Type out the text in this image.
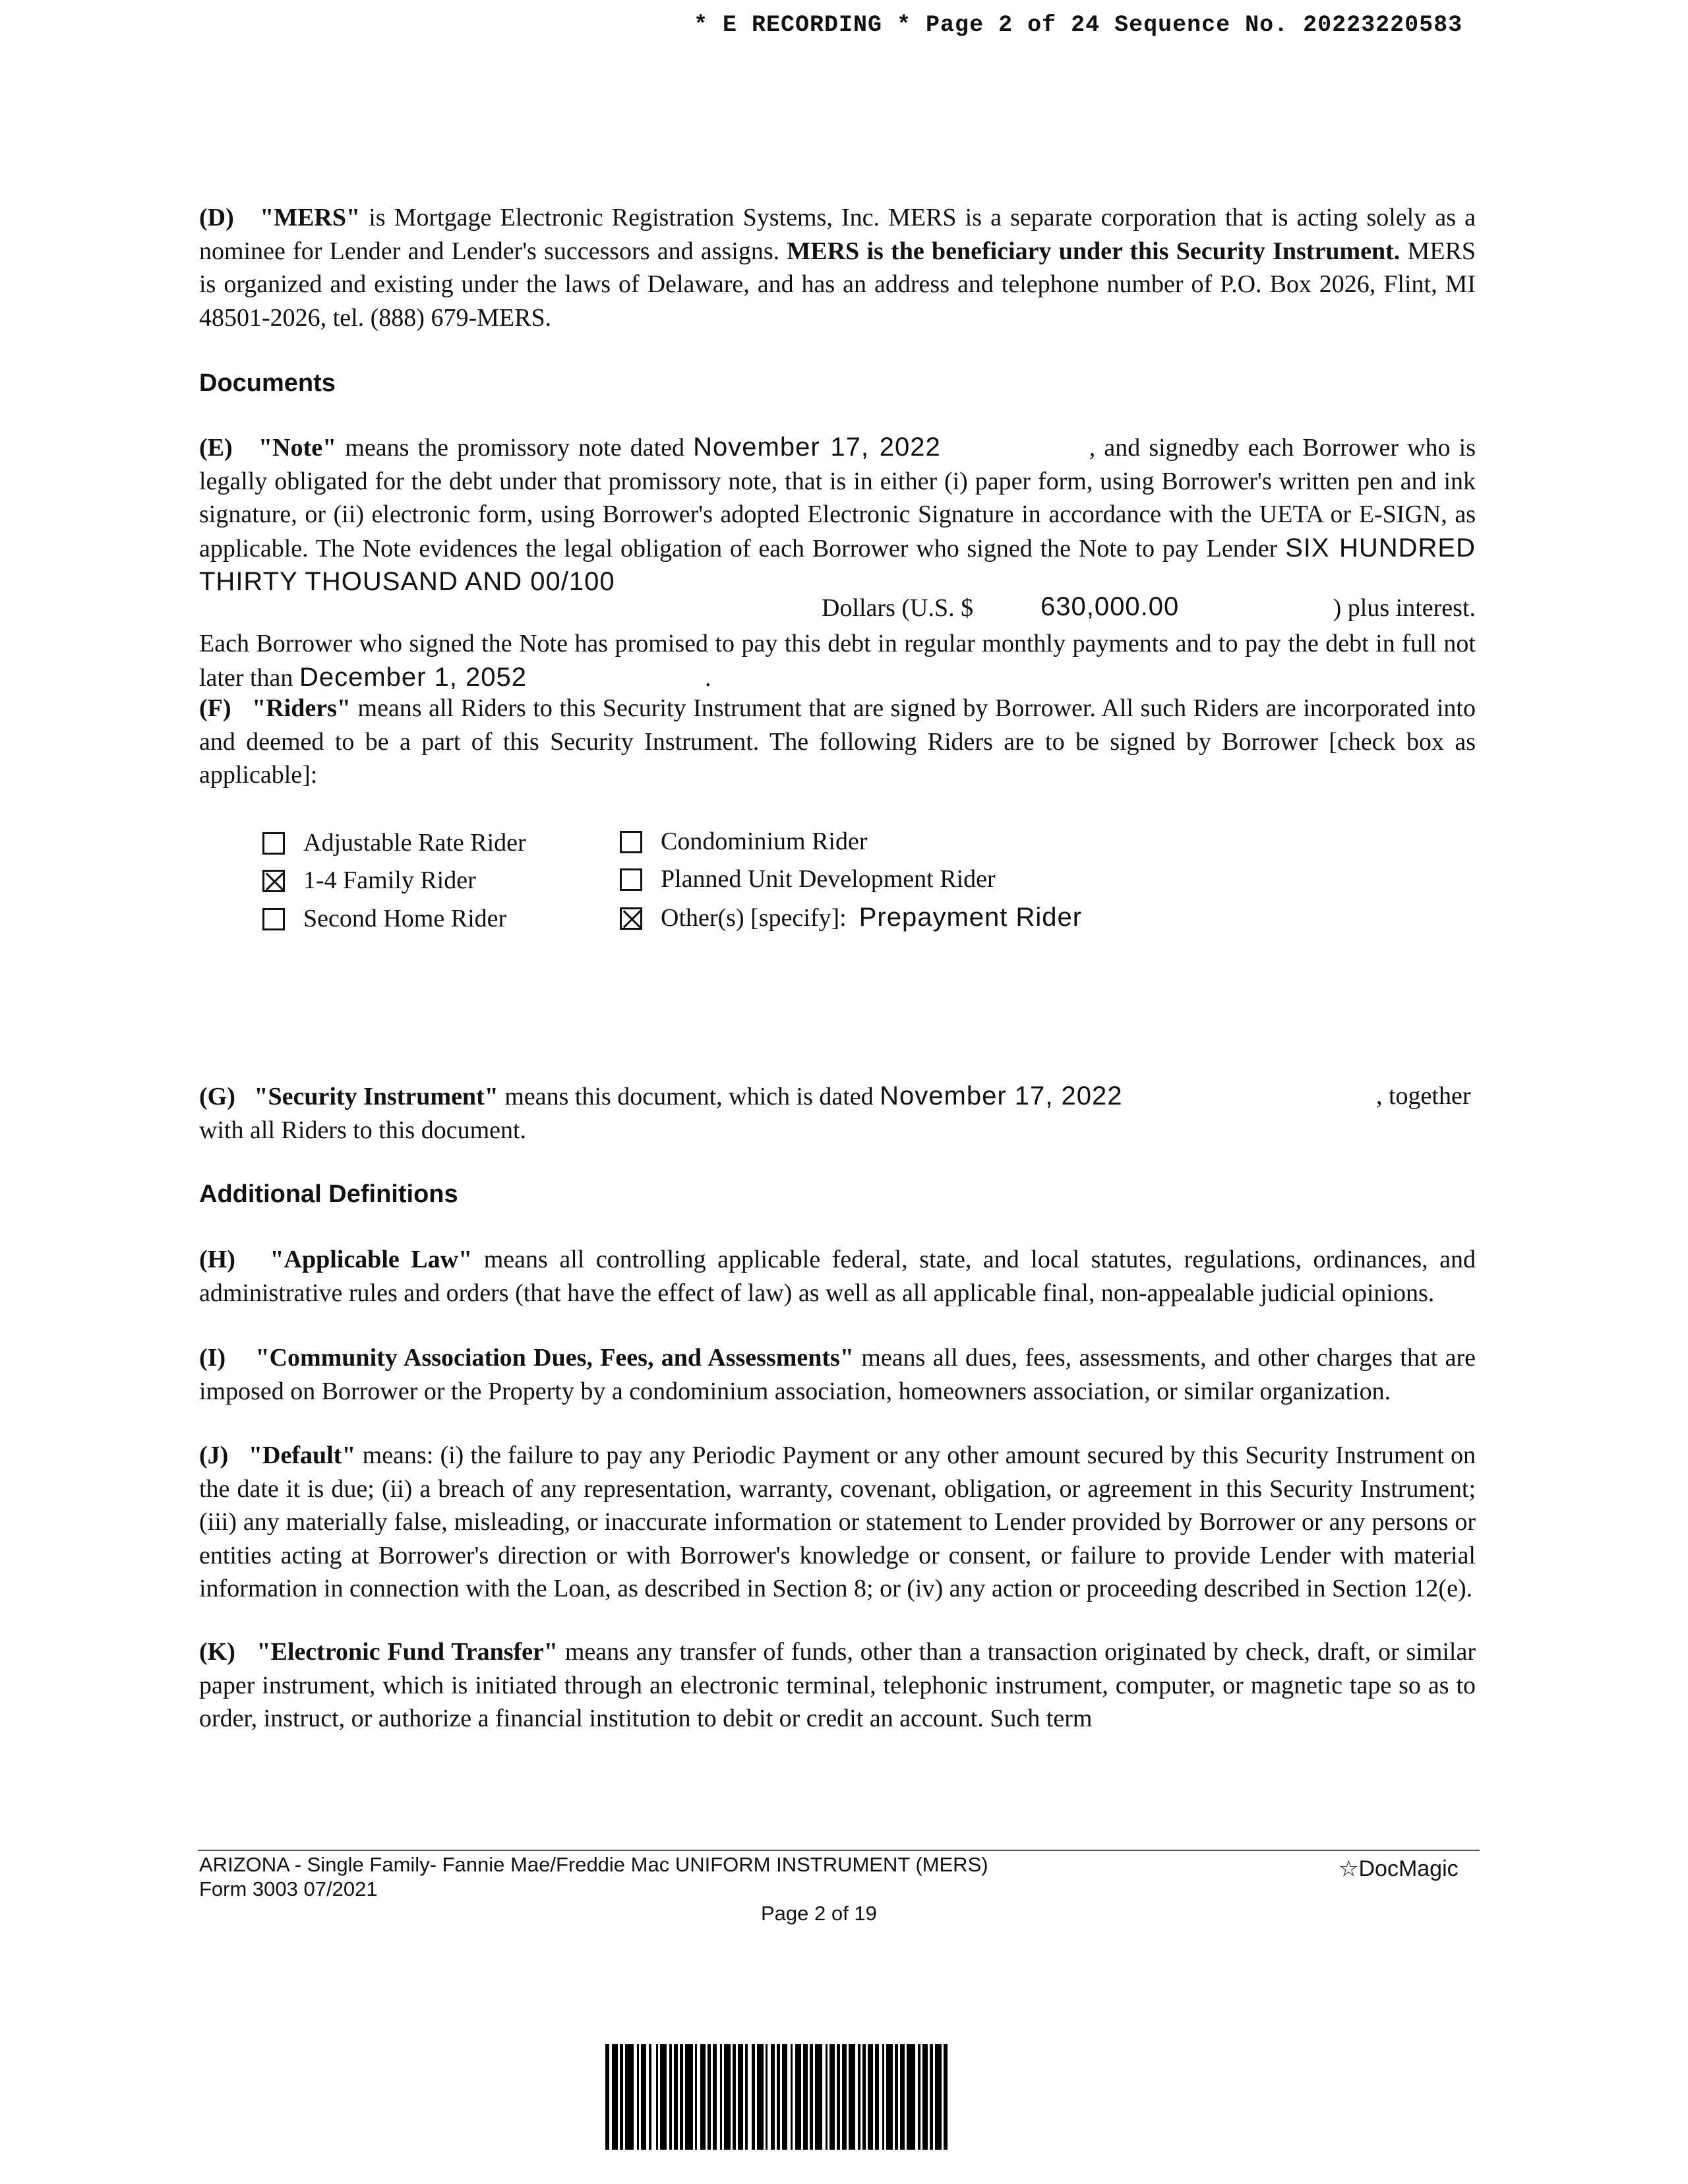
* E RECORDING * Page 2 of 24 Sequence No. 20223220583
(D) "MERS" is Mortgage Electronic Registration Systems, Inc. MERS is a separate corporation that is acting solely as a nominee for Lender and Lender's successors and assigns. MERS is the beneficiary under this Security Instrument. MERS is organized and existing under the laws of Delaware, and has an address and telephone number of P.O. Box 2026, Flint, MI 48501-2026, tel. (888) 679-MERS.
Documents
(E) "Note" means the promissory note dated November 17, 2022	, and signedby each Borrower who is legally obligated for the debt under that promissory note, that is in either (i) paper form, using Borrower's written pen and ink signature, or (ii) electronic form, using Borrower's adopted Electronic Signature in accordance with the UETA or E-SIGN, as applicable. The Note evidences the legal obligation of each Borrower who signed the Note to pay Lender SIX HUNDRED THIRTY THOUSAND AND 00/100
Dollars (U.S. $	630,000.00	) plus interest.
Each Borrower who signed the Note has promised to pay this debt in regular monthly payments and to pay the debt in full not later than December 1, 2052	.
(F) "Riders" means all Riders to this Security Instrument that are signed by Borrower. All such Riders are incorporated into and deemed to be a part of this Security Instrument. The following Riders are to be signed by Borrower [check box as applicable]:
Adjustable Rate Rider
1-4 Family Rider
Second Home Rider
Condominium Rider
Planned Unit Development Rider
Other(s) [specify]: Prepayment Rider
(G) "Security Instrument" means this document, which is dated November 17, 2022	, together
with all Riders to this document.
Additional Definitions
(H) "Applicable Law" means all controlling applicable federal, state, and local statutes, regulations, ordinances, and administrative rules and orders (that have the effect of law) as well as all applicable final, non-appealable judicial opinions.
(I) "Community Association Dues, Fees, and Assessments" means all dues, fees, assessments, and other charges that are imposed on Borrower or the Property by a condominium association, homeowners association, or similar organization.
(J) "Default" means: (i) the failure to pay any Periodic Payment or any other amount secured by this Security Instrument on the date it is due; (ii) a breach of any representation, warranty, covenant, obligation, or agreement in this Security Instrument; (iii) any materially false, misleading, or inaccurate information or statement to Lender provided by Borrower or any persons or entities acting at Borrower's direction or with Borrower's knowledge or consent, or failure to provide Lender with material information in connection with the Loan, as described in Section 8; or (iv) any action or proceeding described in Section 12(e).
(K) "Electronic Fund Transfer" means any transfer of funds, other than a transaction originated by check, draft, or similar paper instrument, which is initiated through an electronic terminal, telephonic instrument, computer, or magnetic tape so as to order, instruct, or authorize a financial institution to debit or credit an account. Such term
ARIZONA - Single Family- Fannie Mae/Freddie Mac UNIFORM INSTRUMENT (MERS)
Form 3003 07/2021
Page 2 of 19
☆DocMagic
